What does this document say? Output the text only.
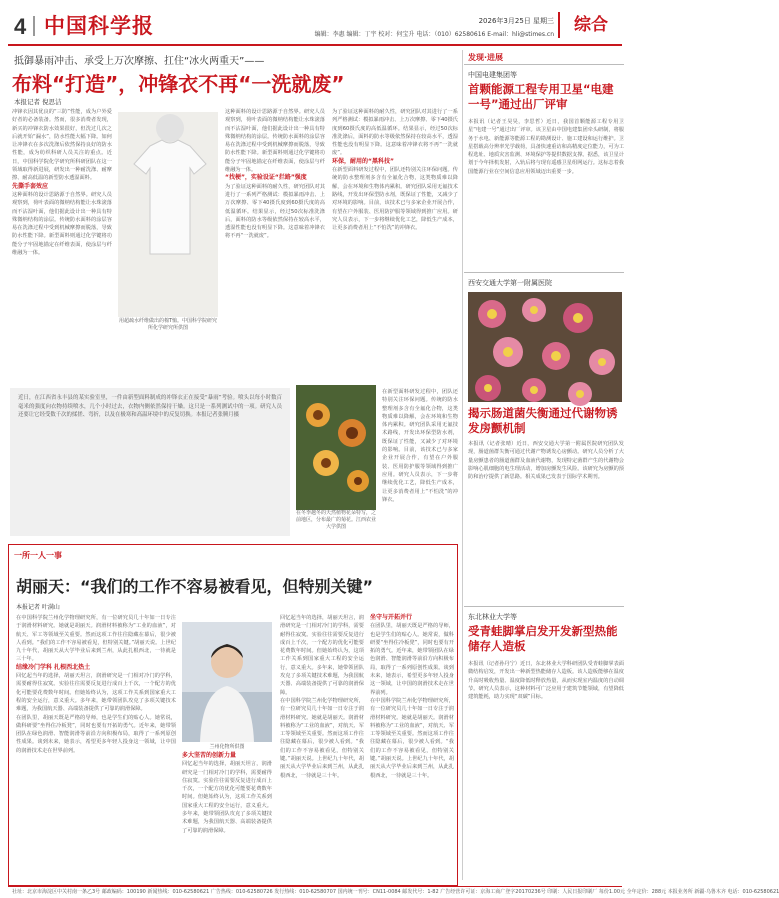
4 中国科学报	2026年3月25日 星期三
编辑：李惠 编辑：丁宇 校对：何宝升 电话：（010）62580616 E-mail：hli@stimes.cn	综合
抵御暴雨冲击、承受上万次摩擦、扛住“冰火两重天”——
布料“打造”，冲锋衣不再“一洗就废”
本报记者 倪思洁
冲锋衣因其优良的“三防”性能，成为户外爱好者的必备装备。然而，很多消费者发现，新买的冲锋衣防水效果很好，但洗过几次之后就开始“漏水”，防水性能大幅下降。如何让冲锋衣在多次洗涤后依然保持良好的防水性能，成为纺织科研人员关注的重点。近日，中国科学院化学研究所科研团队在这一领域取得新进展，研发出一种耐洗涤、耐摩擦、耐高低温的新型防水透湿面料。
先撕手套效应
这种面料的设计思路源于自然界。研究人员观察到，荷叶表面的微纳结构能让水珠滚落而不沾湿叶面，他们据此设计出一种具有特殊微纳结构的涂层。传统防水面料的涂层容易在洗涤过程中受到机械摩擦而脱落，导致防水性能下降。新型面料则通过化学键将功能分子牢固地锚定在纤维表面，使涂层与纤维融为一体。
用超疏水纤维做出的棉T恤。中国科学院研究所化学研究所供图
这种面料的设计思路源于自然界。研究人员观察到，荷叶表面的微纳结构能让水珠滚落而不沾湿叶面，他们据此设计出一种具有特殊微纳结构的涂层。传统防水面料的涂层容易在洗涤过程中受到机械摩擦而脱落，导致防水性能下降。新型面料则通过化学键将功能分子牢固地锚定在纤维表面，使涂层与纤维融为一体。
“找梗”，实验设证“拦路”强度
为了验证这种面料的耐久性，研究团队对其进行了一系列严格测试：模拟暴雨冲击、上万次摩擦、零下40摄氏度到60摄氏度的高低温循环。结果显示，经过50次标准洗涤后，面料的防水等级依然保持在较高水平，透湿性能也没有明显下降。这意味着冲锋衣将不再“一洗就废”。
为了验证这种面料的耐久性，研究团队对其进行了一系列严格测试：模拟暴雨冲击、上万次摩擦、零下40摄氏度到60摄氏度的高低温循环。结果显示，经过50次标准洗涤后，面料的防水等级依然保持在较高水平，透湿性能也没有明显下降。这意味着冲锋衣将不再“一洗就废”。
环保，耐用的“黑科技”
在新型面料研发过程中，团队还特别关注环保问题。传统的防水整理剂多含有全氟化合物，这类物质难以降解，会在环境和生物体内累积。研究团队采用无氟技术路线，开发出环保型防水剂，既保证了性能，又减少了对环境的影响。目前，该技术已与多家企业开展合作，有望在户外服装、医用防护服等领域得到推广应用。研究人员表示，下一步将继续优化工艺，降低生产成本，让更多消费者用上“不怕洗”的冲锋衣。
近日，在江西省永丰县的某实验室里，一件由新型面料制成的冲锋衣正在接受“暴雨”考验。喷头以每小时数百毫米的强度向衣物持续喷水，几个小时过去，衣物内侧依然保持干燥。这只是一系列测试中的一项。研究人员还要让它经受数千次的揉搓、弯折，以及在极寒和高温环境中的反复切换。本报记者张腾月摄
在冬季越冬的天然植物花朵特写，之前地区，分布最广的菊花。江西农业大学供图
在新型面料研发过程中，团队还特别关注环保问题。传统的防水整理剂多含有全氟化合物，这类物质难以降解，会在环境和生物体内累积。研究团队采用无氟技术路线，开发出环保型防水剂，既保证了性能，又减少了对环境的影响。目前，该技术已与多家企业开展合作，有望在户外服装、医用防护服等领域得到推广应用。研究人员表示，下一步将继续优化工艺，降低生产成本，让更多消费者用上“不怕洗”的冲锋衣。
一所一人一事
胡丽天：“我们的工作不容易被看见，但特别关键”
本报记者 叶满山
在中国科学院兰州化学物理研究所，有一位研究员几十年如一日专注于润滑材料研究。她就是胡丽天。润滑材料被称为“工业的血液”，对航天、军工等领域至关重要。然而这项工作往往隐藏在幕后，很少被人看到。“我们的工作不容易被看见，但特别关键。”胡丽天说。上世纪九十年代，胡丽天从大学毕业后来到兰州，从此扎根西北，一待就是三十年。
结缘冷门学科 扎根西北热土
回忆起当年的选择，胡丽天坦言，润滑研究是一门相对冷门的学科，需要耐得住寂寞。实验往往需要反复进行成百上千次，一个配方的优化可能要花费数年时间。但她始终认为，这项工作关系到国家重大工程的安全运行，意义重大。多年来，她带领团队攻克了多项关键技术难题，为我国航天器、高端装备提供了可靠的润滑保障。
在团队里，胡丽天既是严格的导师，也是学生们的贴心人。她常说，做科研要“坐得住冷板凳”，同时也要有开拓的勇气。近年来，她带领团队在绿色润滑、智能润滑等前沿方向积极布局，取得了一系列原创性成果。谈到未来，她表示，希望更多年轻人投身这一领域，让中国的润滑技术走在世界前列。
兰州化物所供图
多大坚苦的创新力量
回忆起当年的选择，胡丽天坦言，润滑研究是一门相对冷门的学科，需要耐得住寂寞。实验往往需要反复进行成百上千次，一个配方的优化可能要花费数年时间。但她始终认为，这项工作关系到国家重大工程的安全运行，意义重大。多年来，她带领团队攻克了多项关键技术难题，为我国航天器、高端装备提供了可靠的润滑保障。
回忆起当年的选择，胡丽天坦言，润滑研究是一门相对冷门的学科，需要耐得住寂寞。实验往往需要反复进行成百上千次，一个配方的优化可能要花费数年时间。但她始终认为，这项工作关系到国家重大工程的安全运行，意义重大。多年来，她带领团队攻克了多项关键技术难题，为我国航天器、高端装备提供了可靠的润滑保障。
在中国科学院兰州化学物理研究所，有一位研究员几十年如一日专注于润滑材料研究。她就是胡丽天。润滑材料被称为“工业的血液”，对航天、军工等领域至关重要。然而这项工作往往隐藏在幕后，很少被人看到。“我们的工作不容易被看见，但特别关键。”胡丽天说。上世纪九十年代，胡丽天从大学毕业后来到兰州，从此扎根西北，一待就是三十年。
坐守与开拓并行
在团队里，胡丽天既是严格的导师，也是学生们的贴心人。她常说，做科研要“坐得住冷板凳”，同时也要有开拓的勇气。近年来，她带领团队在绿色润滑、智能润滑等前沿方向积极布局，取得了一系列原创性成果。谈到未来，她表示，希望更多年轻人投身这一领域，让中国的润滑技术走在世界前列。
在中国科学院兰州化学物理研究所，有一位研究员几十年如一日专注于润滑材料研究。她就是胡丽天。润滑材料被称为“工业的血液”，对航天、军工等领域至关重要。然而这项工作往往隐藏在幕后，很少被人看到。“我们的工作不容易被看见，但特别关键。”胡丽天说。上世纪九十年代，胡丽天从大学毕业后来到兰州，从此扎根西北，一待就是三十年。
发现·进展
中国电建集团等
首颗能源工程专用卫星“电建一号”通过出厂评审
本报讯（记者王昊昊，李思哲）近日，我国首颗能源工程专用卫星“电建一号”通过出厂评审。该卫星由中国电建集团牵头研制，将服务于水电、新能源等能源工程的勘测设计、施工建设和运行维护。卫星搭载高分辨率光学载荷，具备快速重访和高精度定位能力，可为工程选址、地质灾害监测、环境保护等提供数据支撑。据悉，该卫星计划于今年择机发射，入轨后将与现有遥感卫星组网运行。这标志着我国能源行业在空间信息应用领域迈出重要一步。
西安交通大学第一附属医院
揭示肠道菌失衡通过代谢物诱发房颤机制
本报讯（记者张晴）近日，西安交通大学第一附属医院研究团队发现，肠道菌群失衡可通过代谢产物诱发心房颤动。研究人员分析了大量房颤患者的肠道菌群及血液代谢物，发现特定菌群产生的代谢物会影响心肌细胞的电生理活动，增加房颤发生风险。该研究为房颤的预防和治疗提供了新思路。相关成果已发表于国际学术期刊。
东北林业大学等
受青蛙脚掌启发开发新型热能储存人造板
本报讯（记者孙丹宁）近日，东北林业大学科研团队受青蛙脚掌表面微结构启发，开发出一种新型热能储存人造板。该人造板能够在温度升高时吸收热量、温度降低时释放热量，从而实现室内温度的自动调节。研究人员表示，这种材料可广泛应用于建筑节能领域，有望降低建筑能耗，助力实现“双碳”目标。
社址：北京市海淀区中关村南一条乙3号 邮政编码：100190 新闻热线：010-62580621 广告热线：010-62580726 发行热线：010-62580707 国内统一刊号：CN11-0084 邮发代号：1-82 广告经营许可证：京海工商广登字20170236号 印刷：人民日报印刷厂 每份1.00元 全年定价：288元 本报业务所 新疆·乌鲁木齐 电话：010-62580621
